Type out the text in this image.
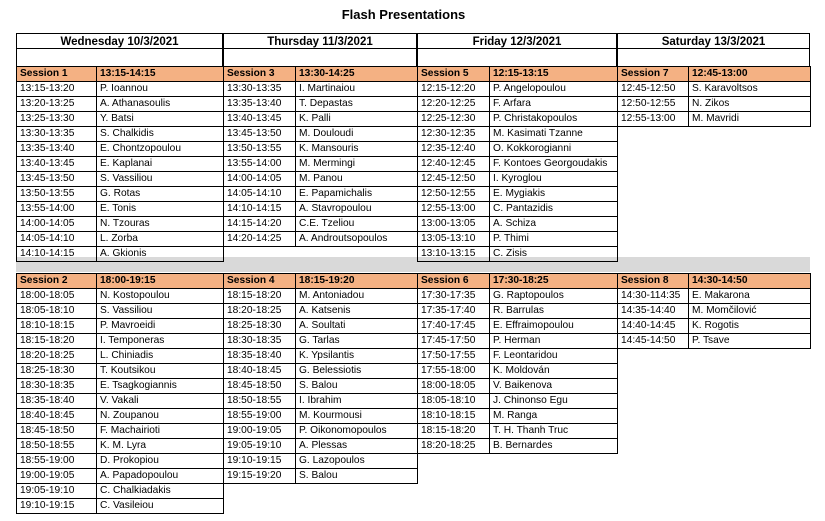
Flash Presentations
Wednesday 10/3/2021
Session 1	13:15-14:15
13:15-13:20	P. Ioannou
13:20-13:25	A. Athanasoulis
13:25-13:30	Y. Batsi
13:30-13:35	S. Chalkidis
13:35-13:40	E. Chontzopoulou
13:40-13:45	E. Kaplanai
13:45-13:50	S. Vassiliou
13:50-13:55	G. Rotas
13:55-14:00	E. Tonis
14:00-14:05	N. Tzouras
14:05-14:10	L. Zorba
14:10-14:15	A. Gkionis
Session 2	18:00-19:15
18:00-18:05	N. Kostopoulou
18:05-18:10	S. Vassiliou
18:10-18:15	P. Mavroeidi
18:15-18:20	I. Temponeras
18:20-18:25	L. Chiniadis
18:25-18:30	T. Koutsikou
18:30-18:35	E. Tsagkogiannis
18:35-18:40	V. Vakali
18:40-18:45	N. Zoupanou
18:45-18:50	F. Machairioti
18:50-18:55	K. M. Lyra
18:55-19:00	D. Prokopiou
19:00-19:05	A. Papadopoulou
19:05-19:10	C. Chalkiadakis
19:10-19:15	C. Vasileiou
Thursday 11/3/2021
Session 3	13:30-14:25
13:30-13:35	I. Martinaiou
13:35-13:40	T. Depastas
13:40-13:45	K. Palli
13:45-13:50	M. Douloudi
13:50-13:55	K. Mansouris
13:55-14:00	M. Mermingi
14:00-14:05	M. Panou
14:05-14:10	E. Papamichalis
14:10-14:15	A. Stavropoulou
14:15-14:20	C.E. Tzeliou
14:20-14:25	A. Androutsopoulos
Session 4	18:15-19:20
18:15-18:20	M. Antoniadou
18:20-18:25	A. Katsenis
18:25-18:30	A. Soultati
18:30-18:35	G. Tarlas
18:35-18:40	K. Ypsilantis
18:40-18:45	G. Belessiotis
18:45-18:50	S. Balou
18:50-18:55	I. Ibrahim
18:55-19:00	M. Kourmousi
19:00-19:05	P. Oikonomopoulos
19:05-19:10	A. Plessas
19:10-19:15	G. Lazopoulos
19:15-19:20	S. Balou
Friday 12/3/2021
Session 5	12:15-13:15
12:15-12:20	P. Angelopoulou
12:20-12:25	F. Arfara
12:25-12:30	P. Christakopoulos
12:30-12:35	M. Kasimati Tzanne
12:35-12:40	O. Kokkorogianni
12:40-12:45	F. Kontoes Georgoudakis
12:45-12:50	I. Kyroglou
12:50-12:55	E. Mygiakis
12:55-13:00	C. Pantazidis
13:00-13:05	A. Schiza
13:05-13:10	P. Thimi
13:10-13:15	C. Zisis
Session 6	17:30-18:25
17:30-17:35	G. Raptopoulos
17:35-17:40	R. Barrulas
17:40-17:45	E. Effraimopoulou
17:45-17:50	P. Herman
17:50-17:55	F. Leontaridou
17:55-18:00	K. Moldován
18:00-18:05	V. Baikenova
18:05-18:10	J. Chinonso Egu
18:10-18:15	M. Ranga
18:15-18:20	T. H. Thanh Truc
18:20-18:25	B. Bernardes
Saturday 13/3/2021
Session 7	12:45-13:00
12:45-12:50	S. Karavoltsos
12:50-12:55	N. Zikos
12:55-13:00	M. Mavridi
Session 8	14:30-14:50
14:30-114:35	E. Makarona
14:35-14:40	M. Momčilović
14:40-14:45	K. Rogotis
14:45-14:50	P. Tsave
